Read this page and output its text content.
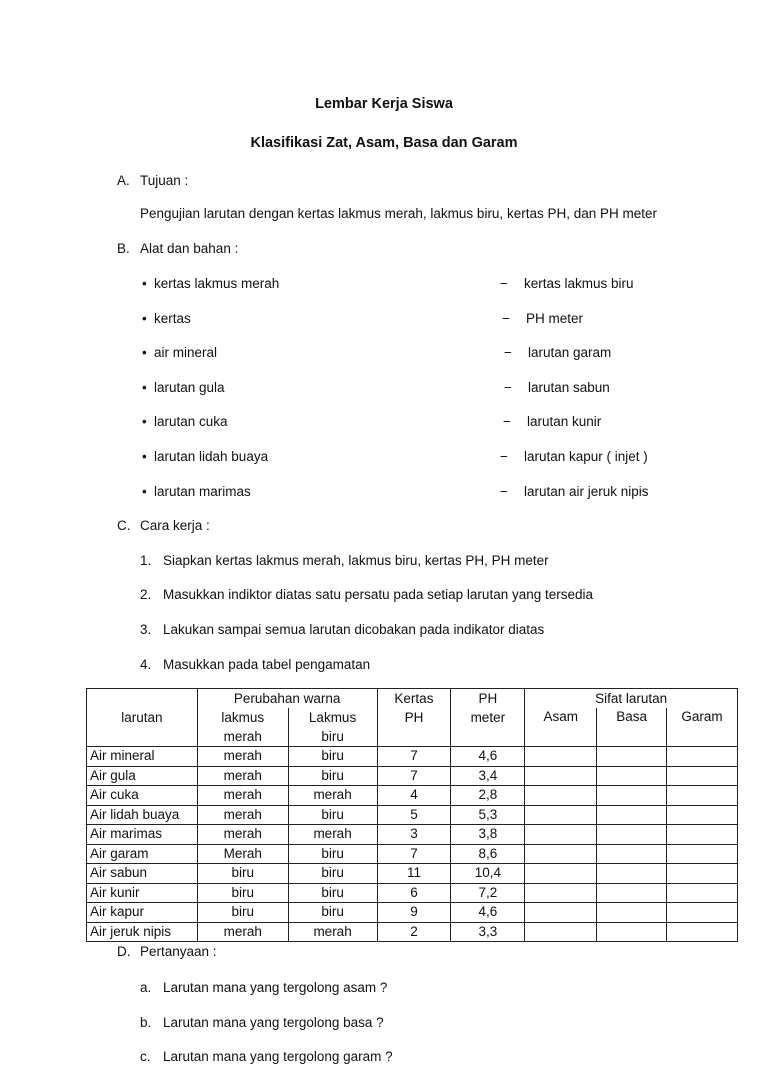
Lembar Kerja Siswa
Klasifikasi Zat, Asam, Basa dan Garam
A. Tujuan :
Pengujian larutan dengan kertas lakmus merah, lakmus biru, kertas PH, dan PH meter
B. Alat dan bahan :
• kertas lakmus merah
• kertas
• air mineral
• larutan gula
• larutan cuka
• larutan lidah buaya
• larutan marimas
− kertas lakmus biru
− PH meter
− larutan garam
− larutan sabun
− larutan kunir
− larutan kapur ( injet )
− larutan air jeruk nipis
C. Cara kerja :
1. Siapkan kertas lakmus merah, lakmus biru, kertas PH, PH meter
2. Masukkan indiktor diatas satu persatu pada setiap larutan yang tersedia
3. Lakukan sampai semua larutan dicobakan pada indikator diatas
4. Masukkan pada tabel pengamatan
	Perubahan warna		Kertas	PH	Sifat larutan		
larutan	lakmus	Lakmus	PH	meter	Asam	Basa	Garam
	merah	biru					
Air mineral	merah	biru	7	4,6			
Air gula	merah	biru	7	3,4			
Air cuka	merah	merah	4	2,8			
Air lidah buaya	merah	biru	5	5,3			
Air marimas	merah	merah	3	3,8			
Air garam	Merah	biru	7	8,6			
Air sabun	biru	biru	11	10,4			
Air kunir	biru	biru	6	7,2			
Air kapur	biru	biru	9	4,6			
Air jeruk nipis	merah	merah	2	3,3			
D. Pertanyaan :
a. Larutan mana yang tergolong asam ?
b. Larutan mana yang tergolong basa ?
c. Larutan mana yang tergolong garam ?
